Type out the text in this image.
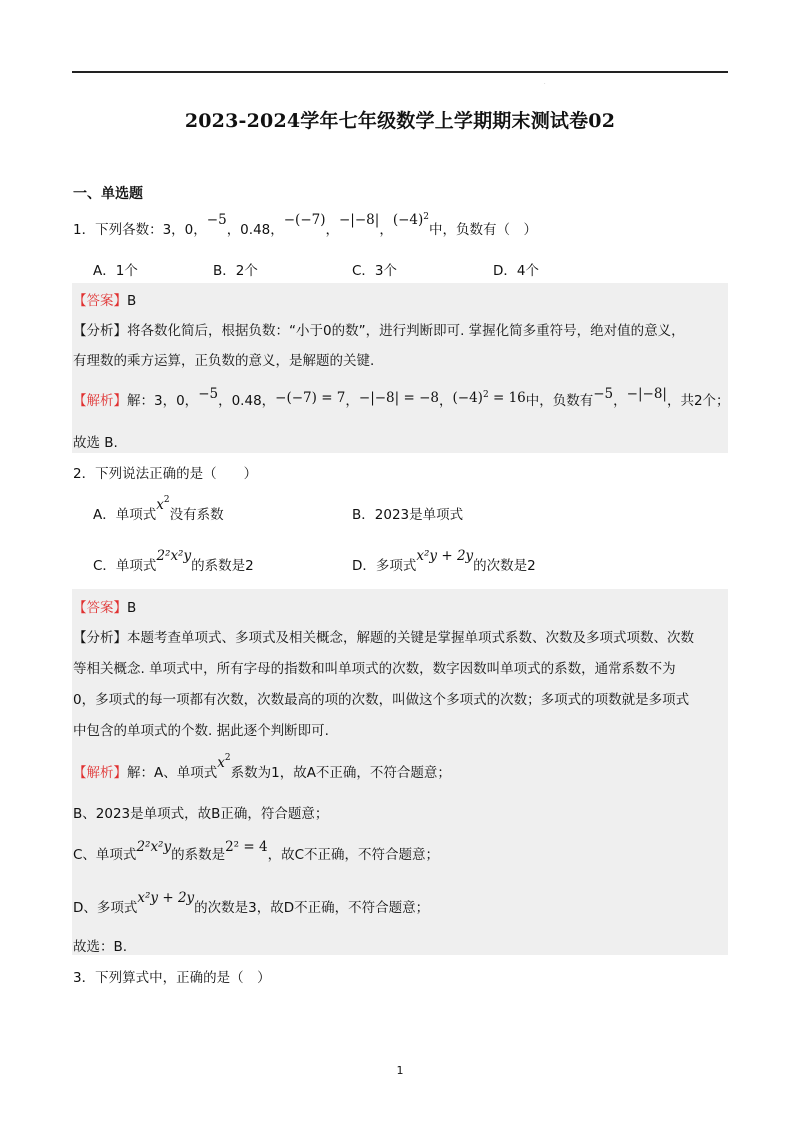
.
2023-2024学年七年级数学上学期期末测试卷02
一、单选题
1．下列各数：3，0，−5，0.48，−(−7)，−|−8|，$(-4)^2$中，负数有（　）
A．1个	B．2个	C．3个	D．4个
【答案】B
【分析】将各数化简后，根据负数：“小于0的数”，进行判断即可. 掌握化简多重符号，绝对值的意义，
有理数的乘方运算，正负数的意义，是解题的关键.
【解析】解：3，0，−5，0.48，−(−7) = 7，−|−8| = −8，$(-4)^2 = 16$中，负数有−5，−|−8|，共2个；
故选 B.
2．下列说法正确的是（　　）
A．单项式$x^2$没有系数	B．2023是单项式
C．单项式2²x²y的系数是2	D．多项式x²y + 2y的次数是2
【答案】B
【分析】本题考查单项式、多项式及相关概念，解题的关键是掌握单项式系数、次数及多项式项数、次数
等相关概念. 单项式中，所有字母的指数和叫单项式的次数，数字因数叫单项式的系数，通常系数不为
0，多项式的每一项都有次数，次数最高的项的次数，叫做这个多项式的次数；多项式的项数就是多项式
中包含的单项式的个数. 据此逐个判断即可.
【解析】解：A、单项式$x^2$系数为1，故A不正确，不符合题意；
B、2023是单项式，故B正确，符合题意；
C、单项式2²x²y的系数是2² = 4，故C不正确，不符合题意；
D、多项式x²y + 2y的次数是3，故D不正确，不符合题意；
故选：B.
3．下列算式中，正确的是（　）
1
